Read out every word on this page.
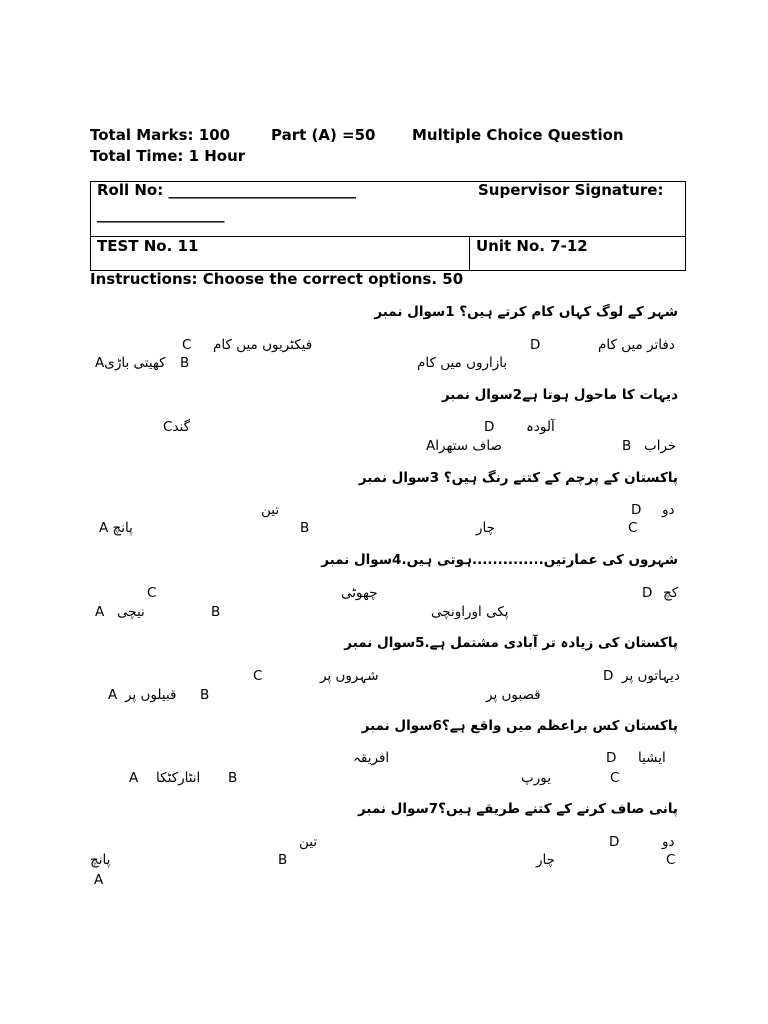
Total Marks: 100	Part (A) =50 Multiple Choice Question
Total Time: 1 Hour
Roll No: _________________________
_________________
Supervisor Signature:
TEST No. 11	Unit No. 7-12
Instructions: Choose the correct options. 50
شہر کے لوگ کہاں کام کرتے ہیں؟ 1سوال نمبر
C فیکٹریوں میں کام	D	دفاتر میں کام
کھیتی باڑیA B	بازاروں میں کام
دیہات کا ماحول ہوتا ہے2سوال نمبر
گندC	D آلودہ
صاف ستھراA	B خراب
پاکستان کے پرچم کے کتنے رنگ ہیں؟ 3سوال نمبر
تین	D دو
A پانچ	B	چار	C
شہروں کی عمارتیں..............ہوتی ہیں.4سوال نمبر
C	چھوٹی	D کچ
A نیچی	B	پکی اوراونچی
پاکستان کی زیادہ تر آبادی مشتمل ہے.5سوال نمبر
C	شہروں پر	D دیہاتوں پر
A قبیلوں پر B	قصبوں پر
پاکستان کس براعظم میں واقع ہے؟6سوال نمبر
افریقہ	D ایشیا
A انٹارکٹکا B	یورپ	C
پانی صاف کرنے کے کتنے طریقے ہیں؟7سوال نمبر
تین	D	دو
پانچ	B	چار	C
A
